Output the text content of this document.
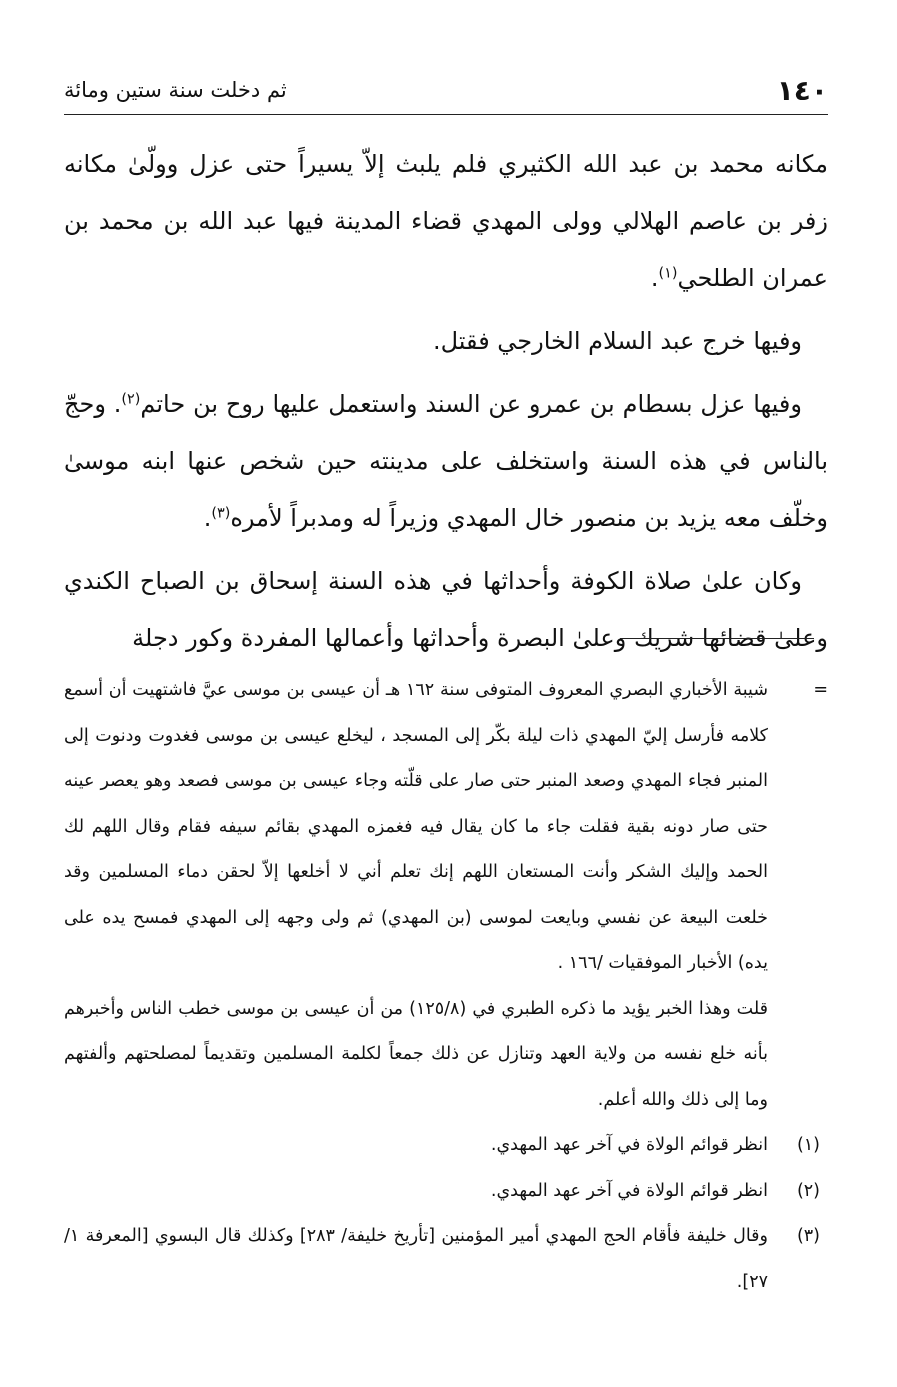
١٤٠
ثم دخلت سنة ستين ومائة

مكانه محمد بن عبد الله الكثيري فلم يلبث إلاّ يسيراً حتى عزل وولّىٰ مكانه زفر بن عاصم الهلالي وولى المهدي قضاء المدينة فيها عبد الله بن محمد بن عمران الطلحي$^{(١)}$.

وفيها خرج عبد السلام الخارجي فقتل.

وفيها عزل بسطام بن عمرو عن السند واستعمل عليها روح بن حاتم$^{(٢)}$. وحجّ بالناس في هذه السنة واستخلف على مدينته حين شخص عنها ابنه موسىٰ وخلّف معه يزيد بن منصور خال المهدي وزيراً له ومدبراً لأمره$^{(٣)}$.

وكان علىٰ صلاة الكوفة وأحداثها في هذه السنة إسحاق بن الصباح الكندي وعلىٰ قضائها شريك وعلىٰ البصرة وأحداثها وأعمالها المفردة وكور دجلة

=
شيبة الأخباري البصري المعروف المتوفى سنة ١٦٢ هـ أن عيسى بن موسى عيَّ فاشتهيت أن أسمع كلامه فأرسل إليّ المهدي ذات ليلة بكّر إلى المسجد ، ليخلع عيسى بن موسى فغدوت ودنوت إلى المنبر فجاء المهدي وصعد المنبر حتى صار على قلّته وجاء عيسى بن موسى فصعد وهو يعصر عينه حتى صار دونه بقية فقلت جاء ما كان يقال فيه فغمزه المهدي بقائم سيفه فقام وقال اللهم لك الحمد وإليك الشكر وأنت المستعان اللهم إنك تعلم أني لا أخلعها إلاّ لحقن دماء المسلمين وقد خلعت البيعة عن نفسي وبايعت لموسى (بن المهدي) ثم ولى وجهه إلى المهدي فمسح يده على يده) الأخبار الموفقيات /١٦٦ .

قلت وهذا الخبر يؤيد ما ذكره الطبري في (١٢٥/٨) من أن عيسى بن موسى خطب الناس وأخبرهم بأنه خلع نفسه من ولاية العهد وتنازل عن ذلك جمعاً لكلمة المسلمين وتقديماً لمصلحتهم وألفتهم وما إلى ذلك والله أعلم.

(١)
انظر قوائم الولاة في آخر عهد المهدي.

(٢)
انظر قوائم الولاة في آخر عهد المهدي.

(٣)
وقال خليفة فأقام الحج المهدي أمير المؤمنين [تأريخ خليفة/ ٢٨٣] وكذلك قال البسوي [المعرفة ١/ ٢٧].
